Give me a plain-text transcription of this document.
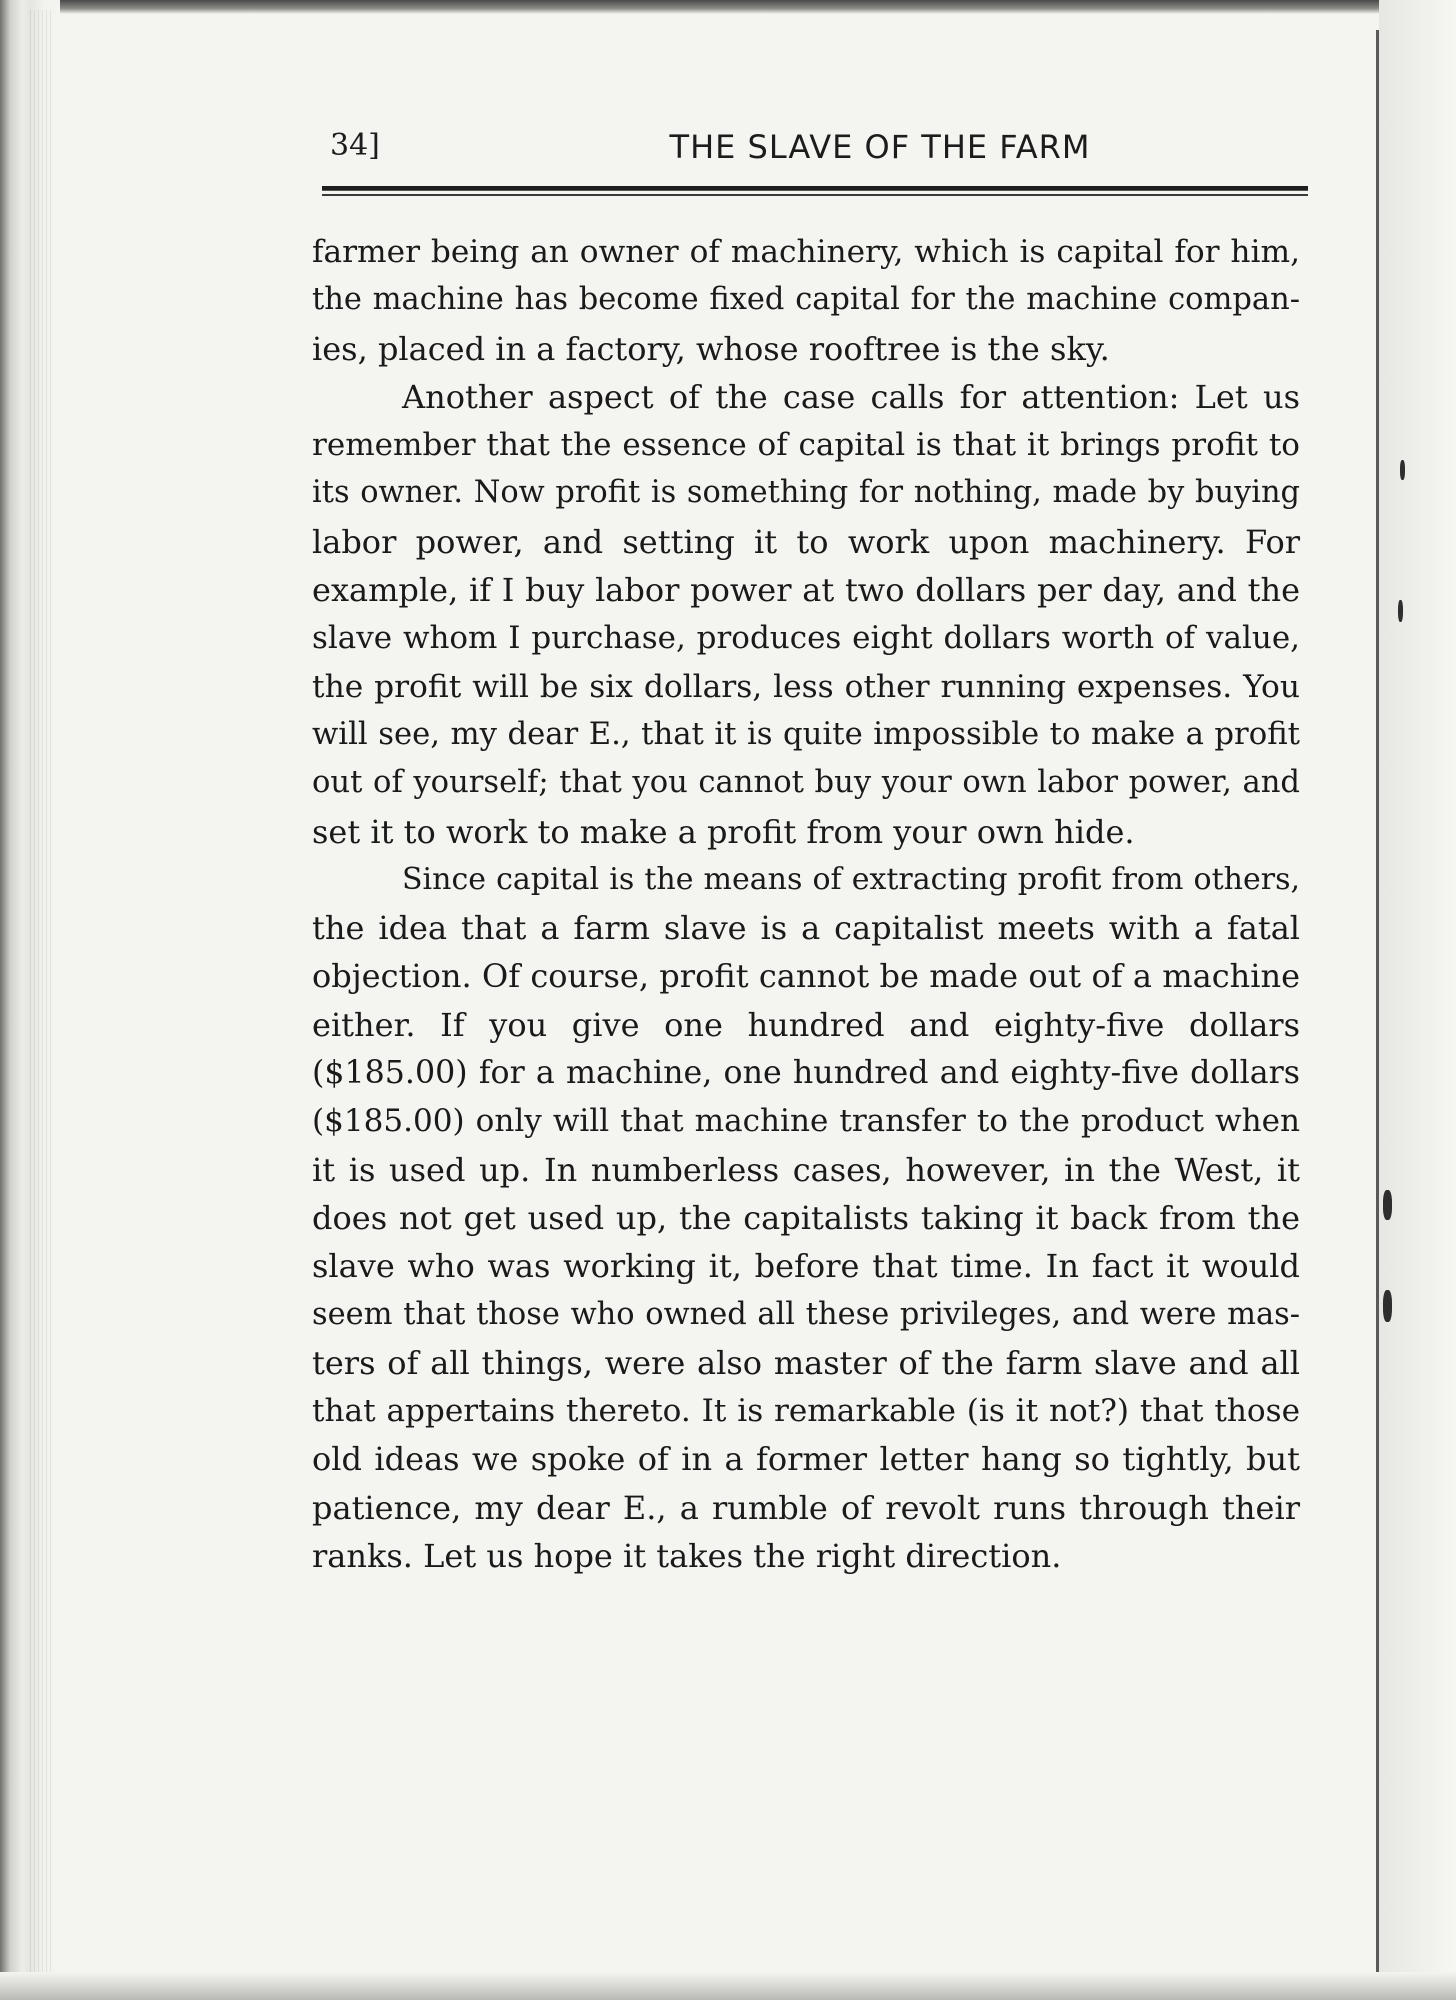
34]	THE SLAVE OF THE FARM

farmer being an owner of machinery, which is capital for him,
the machine has become fixed capital for the machine compan-
ies, placed in a factory, whose rooftree is the sky.

Another aspect of the case calls for attention: Let us
remember that the essence of capital is that it brings profit to
its owner. Now profit is something for nothing, made by buying
labor power, and setting it to work upon machinery. For
example, if I buy labor power at two dollars per day, and the
slave whom I purchase, produces eight dollars worth of value,
the profit will be six dollars, less other running expenses. You
will see, my dear E., that it is quite impossible to make a profit
out of yourself; that you cannot buy your own labor power, and
set it to work to make a profit from your own hide.

Since capital is the means of extracting profit from others,
the idea that a farm slave is a capitalist meets with a fatal
objection. Of course, profit cannot be made out of a machine
either. If you give one hundred and eighty-five dollars
($185.00) for a machine, one hundred and eighty-five dollars
($185.00) only will that machine transfer to the product when
it is used up. In numberless cases, however, in the West, it
does not get used up, the capitalists taking it back from the
slave who was working it, before that time. In fact it would
seem that those who owned all these privileges, and were mas-
ters of all things, were also master of the farm slave and all
that appertains thereto. It is remarkable (is it not?) that those
old ideas we spoke of in a former letter hang so tightly, but
patience, my dear E., a rumble of revolt runs through their
ranks. Let us hope it takes the right direction.
